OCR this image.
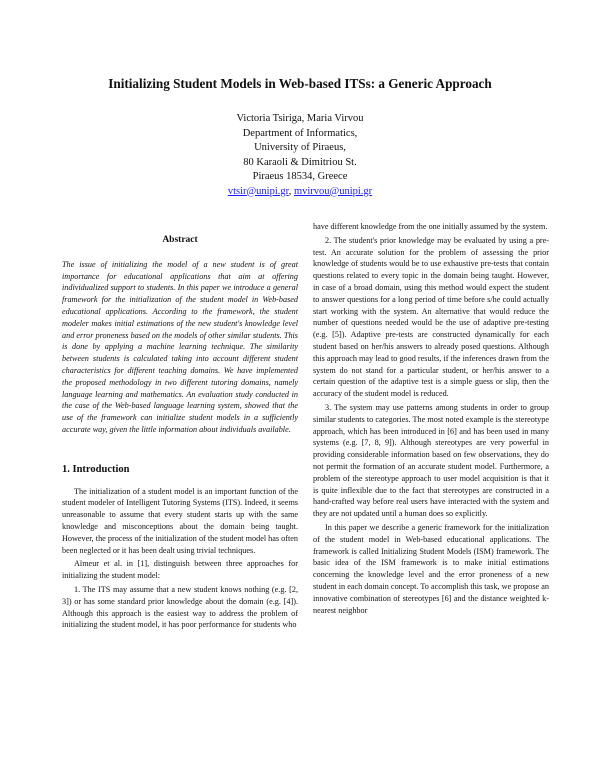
Initializing Student Models in Web-based ITSs: a Generic Approach
Victoria Tsiriga, Maria Virvou
Department of Informatics,
University of Piraeus,
80 Karaoli & Dimitriou St.
Piraeus 18534, Greece
vtsir@unipi.gr, mvirvou@unipi.gr
Abstract

The issue of initializing the model of a new student is of great importance for educational applications that aim at offering individualized support to students. In this paper we introduce a general framework for the initialization of the student model in Web-based educational applications. According to the framework, the student modeler makes initial estimations of the new student's knowledge level and error proneness based on the models of other similar students. This is done by applying a machine learning technique. The similarity between students is calculated taking into account different student characteristics for different teaching domains. We have implemented the proposed methodology in two different tutoring domains, namely language learning and mathematics. An evaluation study conducted in the case of the Web-based language learning system, showed that the use of the framework can initialize student models in a sufficiently accurate way, given the little information about individuals available.

1. Introduction

The initialization of a student model is an important function of the student modeler of Intelligent Tutoring Systems (ITS). Indeed, it seems unreasonable to assume that every student starts up with the same knowledge and misconceptions about the domain being taught. However, the process of the initialization of the student model has often been neglected or it has been dealt using trivial techniques.

Aïmeur et al. in [1], distinguish between three approaches for initializing the student model:

1. The ITS may assume that a new student knows nothing (e.g. [2, 3]) or has some standard prior knowledge about the domain (e.g. [4]). Although this approach is the easiest way to address the problem of initializing the student model, it has poor performance for students who

have different knowledge from the one initially assumed by the system.

2. The student's prior knowledge may be evaluated by using a pre-test. An accurate solution for the problem of assessing the prior knowledge of students would be to use exhaustive pre-tests that contain questions related to every topic in the domain being taught. However, in case of a broad domain, using this method would expect the student to answer questions for a long period of time before s/he could actually start working with the system. An alternative that would reduce the number of questions needed would be the use of adaptive pre-testing (e.g. [5]). Adaptive pre-tests are constructed dynamically for each student based on her/his answers to already posed questions. Although this approach may lead to good results, if the inferences drawn from the system do not stand for a particular student, or her/his answer to a certain question of the adaptive test is a simple guess or slip, then the accuracy of the student model is reduced.

3. The system may use patterns among students in order to group similar students to categories. The most noted example is the stereotype approach, which has been introduced in [6] and has been used in many systems (e.g. [7, 8, 9]). Although stereotypes are very powerful in providing considerable information based on few observations, they do not permit the formation of an accurate student model. Furthermore, a problem of the stereotype approach to user model acquisition is that it is quite inflexible due to the fact that stereotypes are constructed in a hand-crafted way before real users have interacted with the system and they are not updated until a human does so explicitly.

In this paper we describe a generic framework for the initialization of the student model in Web-based educational applications. The framework is called Initializing Student Models (ISM) framework. The basic idea of the ISM framework is to make initial estimations concerning the knowledge level and the error proneness of a new student in each domain concept. To accomplish this task, we propose an innovative combination of stereotypes [6] and the distance weighted k-nearest neighbor
